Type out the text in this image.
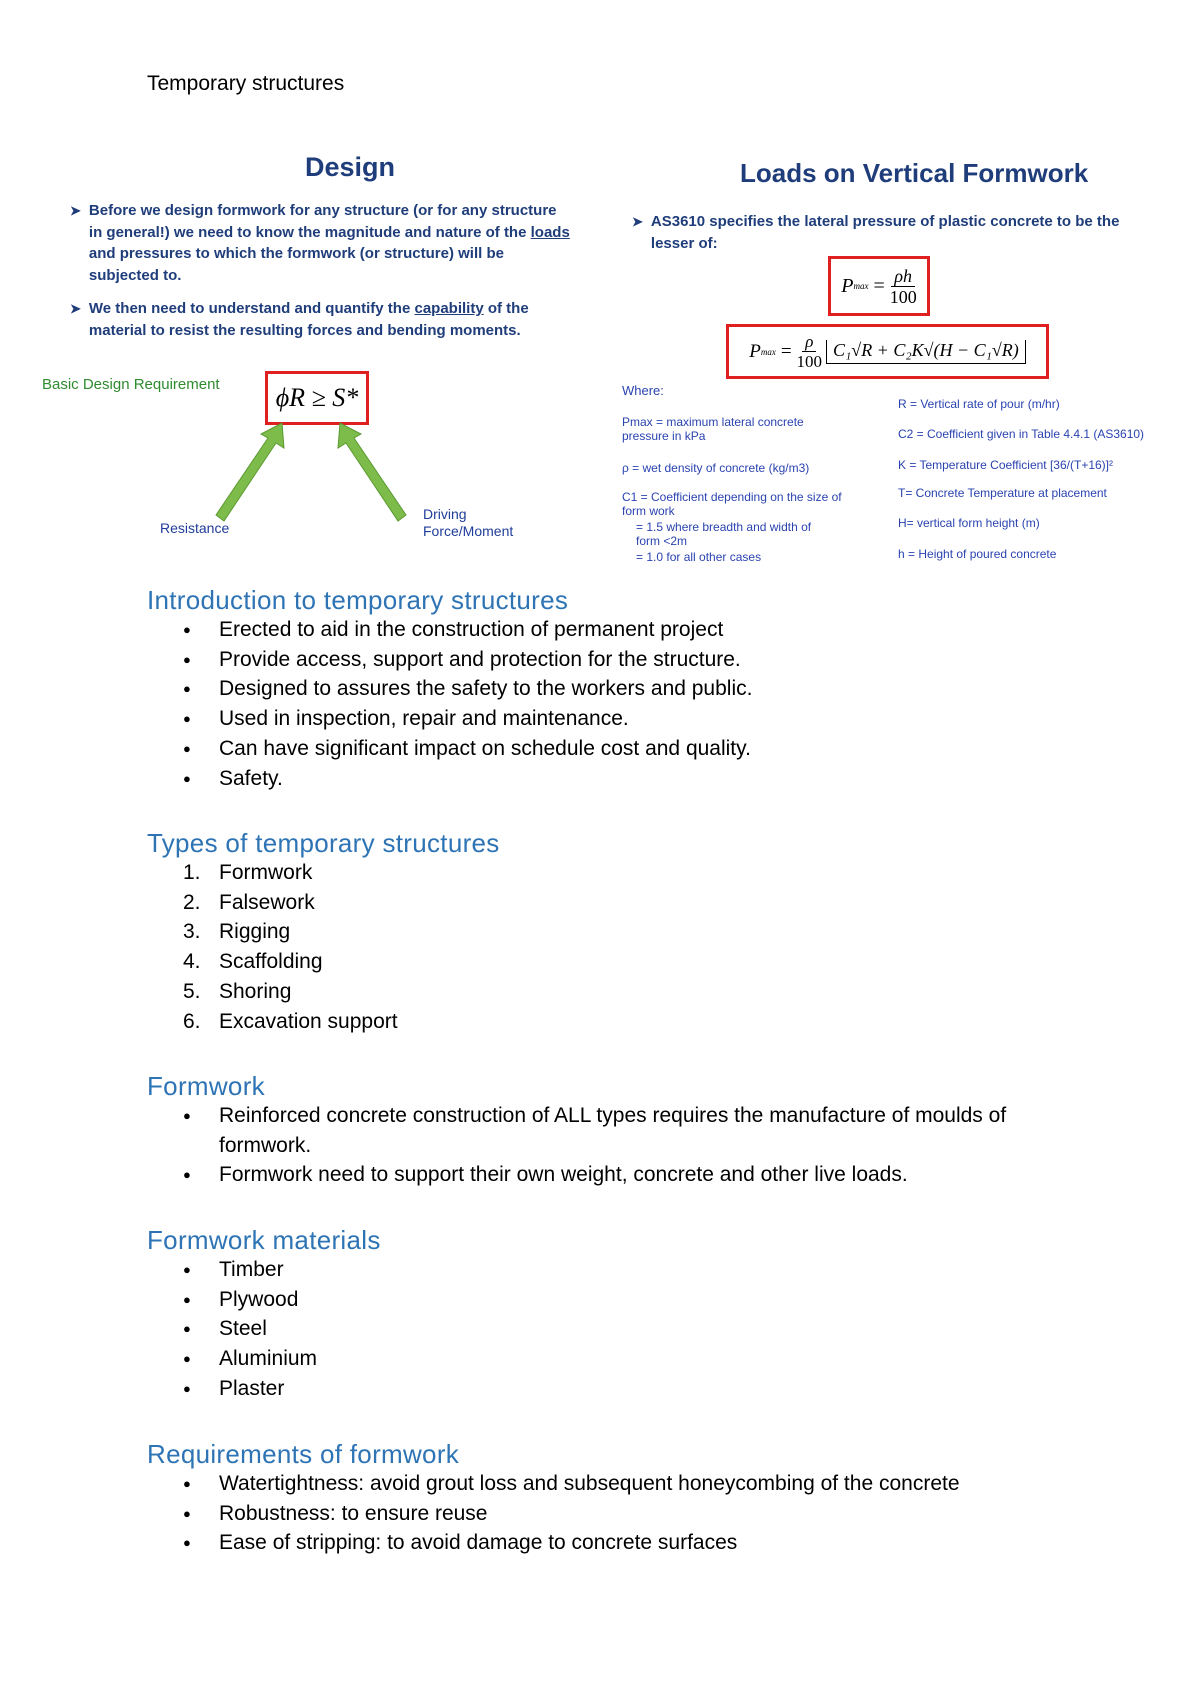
Temporary structures
Design
➤ Before we design formwork for any structure (or for any structure in general!) we need to know the magnitude and nature of the loads and pressures to which the formwork (or structure) will be subjected to.
➤ We then need to understand and quantify the capability of the material to resist the resulting forces and bending moments.
Basic Design Requirement ϕR ≥ S*
Resistance
Driving
Force/Moment
Loads on Vertical Formwork
➤ AS3610 specifies the lateral pressure of plastic concrete to be the lesser of:
P $\max = \frac{\rho h}{100}$
P $\max = \frac{\rho}{100} C_1√R + C_2K√(H - C_1√R)$
Where:
Pmax = maximum lateral concrete pressure in kPa
ρ = wet density of concrete (kg/m3)
C1 = Coefficient depending on the size of form work
= 1.5 where breadth and width of form <2m
= 1.0 for all other cases
R = Vertical rate of pour (m/hr)
C2 = Coefficient given in Table 4.4.1 (AS3610)
K = Temperature Coefficient [36/(T+16)]²
T= Concrete Temperature at placement
H= vertical form height (m)
h = Height of poured concrete
Introduction to temporary structures
● Erected to aid in the construction of permanent project
● Provide access, support and protection for the structure.
● Designed to assures the safety to the workers and public.
● Used in inspection, repair and maintenance.
● Can have significant impact on schedule cost and quality.
● Safety.
Types of temporary structures
1. Formwork
2. Falsework
3. Rigging
4. Scaffolding
5. Shoring
6. Excavation support
Formwork
● Reinforced concrete construction of ALL types requires the manufacture of moulds of formwork.
● Formwork need to support their own weight, concrete and other live loads.
Formwork materials
● Timber
● Plywood
● Steel
● Aluminium
● Plaster
Requirements of formwork
● Watertightness: avoid grout loss and subsequent honeycombing of the concrete
● Robustness: to ensure reuse
● Ease of stripping: to avoid damage to concrete surfaces
